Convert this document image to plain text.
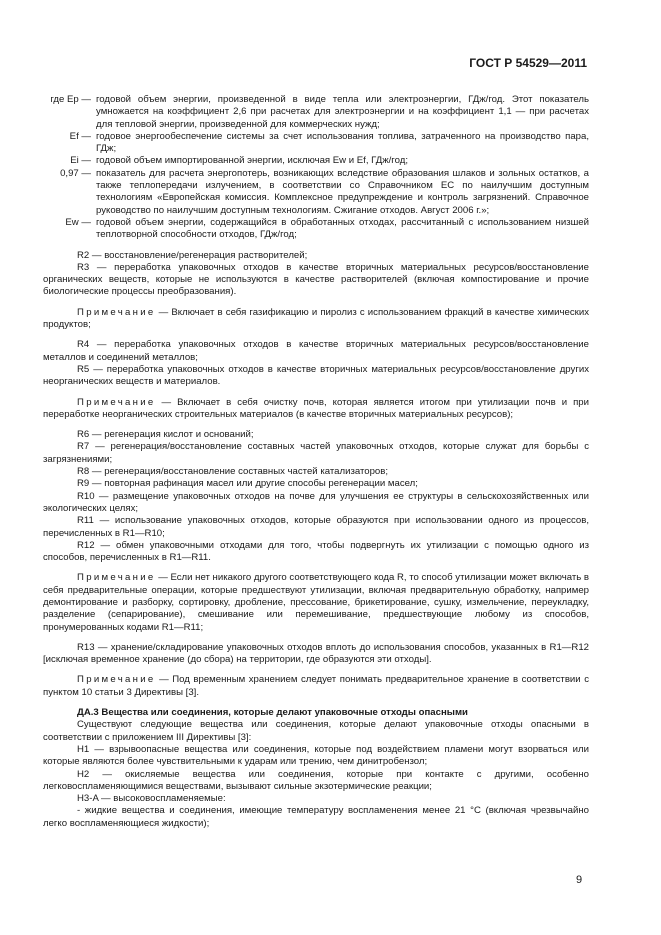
ГОСТ Р 54529—2011
где Ep — годовой объем энергии, произведенной в виде тепла или электроэнергии, ГДж/год. Этот показатель умножается на коэффициент 2,6 при расчетах для электроэнергии и на коэффициент 1,1 — при расчетах для тепловой энергии, произведенной для коммерческих нужд;
Ef — годовое энергообеспечение системы за счет использования топлива, затраченного на производство пара, ГДж;
Ei — годовой объем импортированной энергии, исключая Ew и Ef, ГДж/год;
0,97 — показатель для расчета энергопотерь, возникающих вследствие образования шлаков и зольных остатков, а также теплопередачи излучением, в соответствии со Справочником ЕС по наилучшим доступным технологиям «Европейская комиссия. Комплексное предупреждение и контроль загрязнений. Справочное руководство по наилучшим доступным технологиям. Сжигание отходов. Август 2006 г.»;
Ew — годовой объем энергии, содержащийся в обработанных отходах, рассчитанный с использованием низшей теплотворной способности отходов, ГДж/год;

R2 — восстановление/регенерация растворителей;

R3 — переработка упаковочных отходов в качестве вторичных материальных ресурсов/восстановление органических веществ, которые не используются в качестве растворителей (включая компостирование и прочие биологические процессы преобразования).

Примечание — Включает в себя газификацию и пиролиз с использованием фракций в качестве химических продуктов;

R4 — переработка упаковочных отходов в качестве вторичных материальных ресурсов/восстановление металлов и соединений металлов;

R5 — переработка упаковочных отходов в качестве вторичных материальных ресурсов/восстановление других неорганических веществ и материалов.

Примечание — Включает в себя очистку почв, которая является итогом при утилизации почв и при переработке неорганических строительных материалов (в качестве вторичных материальных ресурсов);

R6 — регенерация кислот и оснований;

R7 — регенерация/восстановление составных частей упаковочных отходов, которые служат для борьбы с загрязнениями;

R8 — регенерация/восстановление составных частей катализаторов;

R9 — повторная рафинация масел или другие способы регенерации масел;

R10 — размещение упаковочных отходов на почве для улучшения ее структуры в сельскохозяйственных или экологических целях;

R11 — использование упаковочных отходов, которые образуются при использовании одного из процессов, перечисленных в R1—R10;

R12 — обмен упаковочными отходами для того, чтобы подвергнуть их утилизации с помощью одного из способов, перечисленных в R1—R11.

Примечание — Если нет никакого другого соответствующего кода R, то способ утилизации может включать в себя предварительные операции, которые предшествуют утилизации, включая предварительную обработку, например демонтирование и разборку, сортировку, дробление, прессование, брикетирование, сушку, измельчение, переукладку, разделение (сепарирование), смешивание или перемешивание, предшествующие любому из способов, пронумерованных кодами R1—R11;

R13 — хранение/складирование упаковочных отходов вплоть до использования способов, указанных в R1—R12 [исключая временное хранение (до сбора) на территории, где образуются эти отходы].

Примечание — Под временным хранением следует понимать предварительное хранение в соответствии с пунктом 10 статьи 3 Директивы [3].

ДА.3 Вещества или соединения, которые делают упаковочные отходы опасными

Существуют следующие вещества или соединения, которые делают упаковочные отходы опасными в соответствии с приложением III Директивы [3]:

H1 — взрывоопасные вещества или соединения, которые под воздействием пламени могут взорваться или которые являются более чувствительными к ударам или трению, чем динитробензол;

H2 — окисляемые вещества или соединения, которые при контакте с другими, особенно легковоспламеняющимися веществами, вызывают сильные экзотермические реакции;

H3-A — высоковоспламеняемые:

- жидкие вещества и соединения, имеющие температуру воспламенения менее 21 °С (включая чрезвычайно легко воспламеняющиеся жидкости);

9
